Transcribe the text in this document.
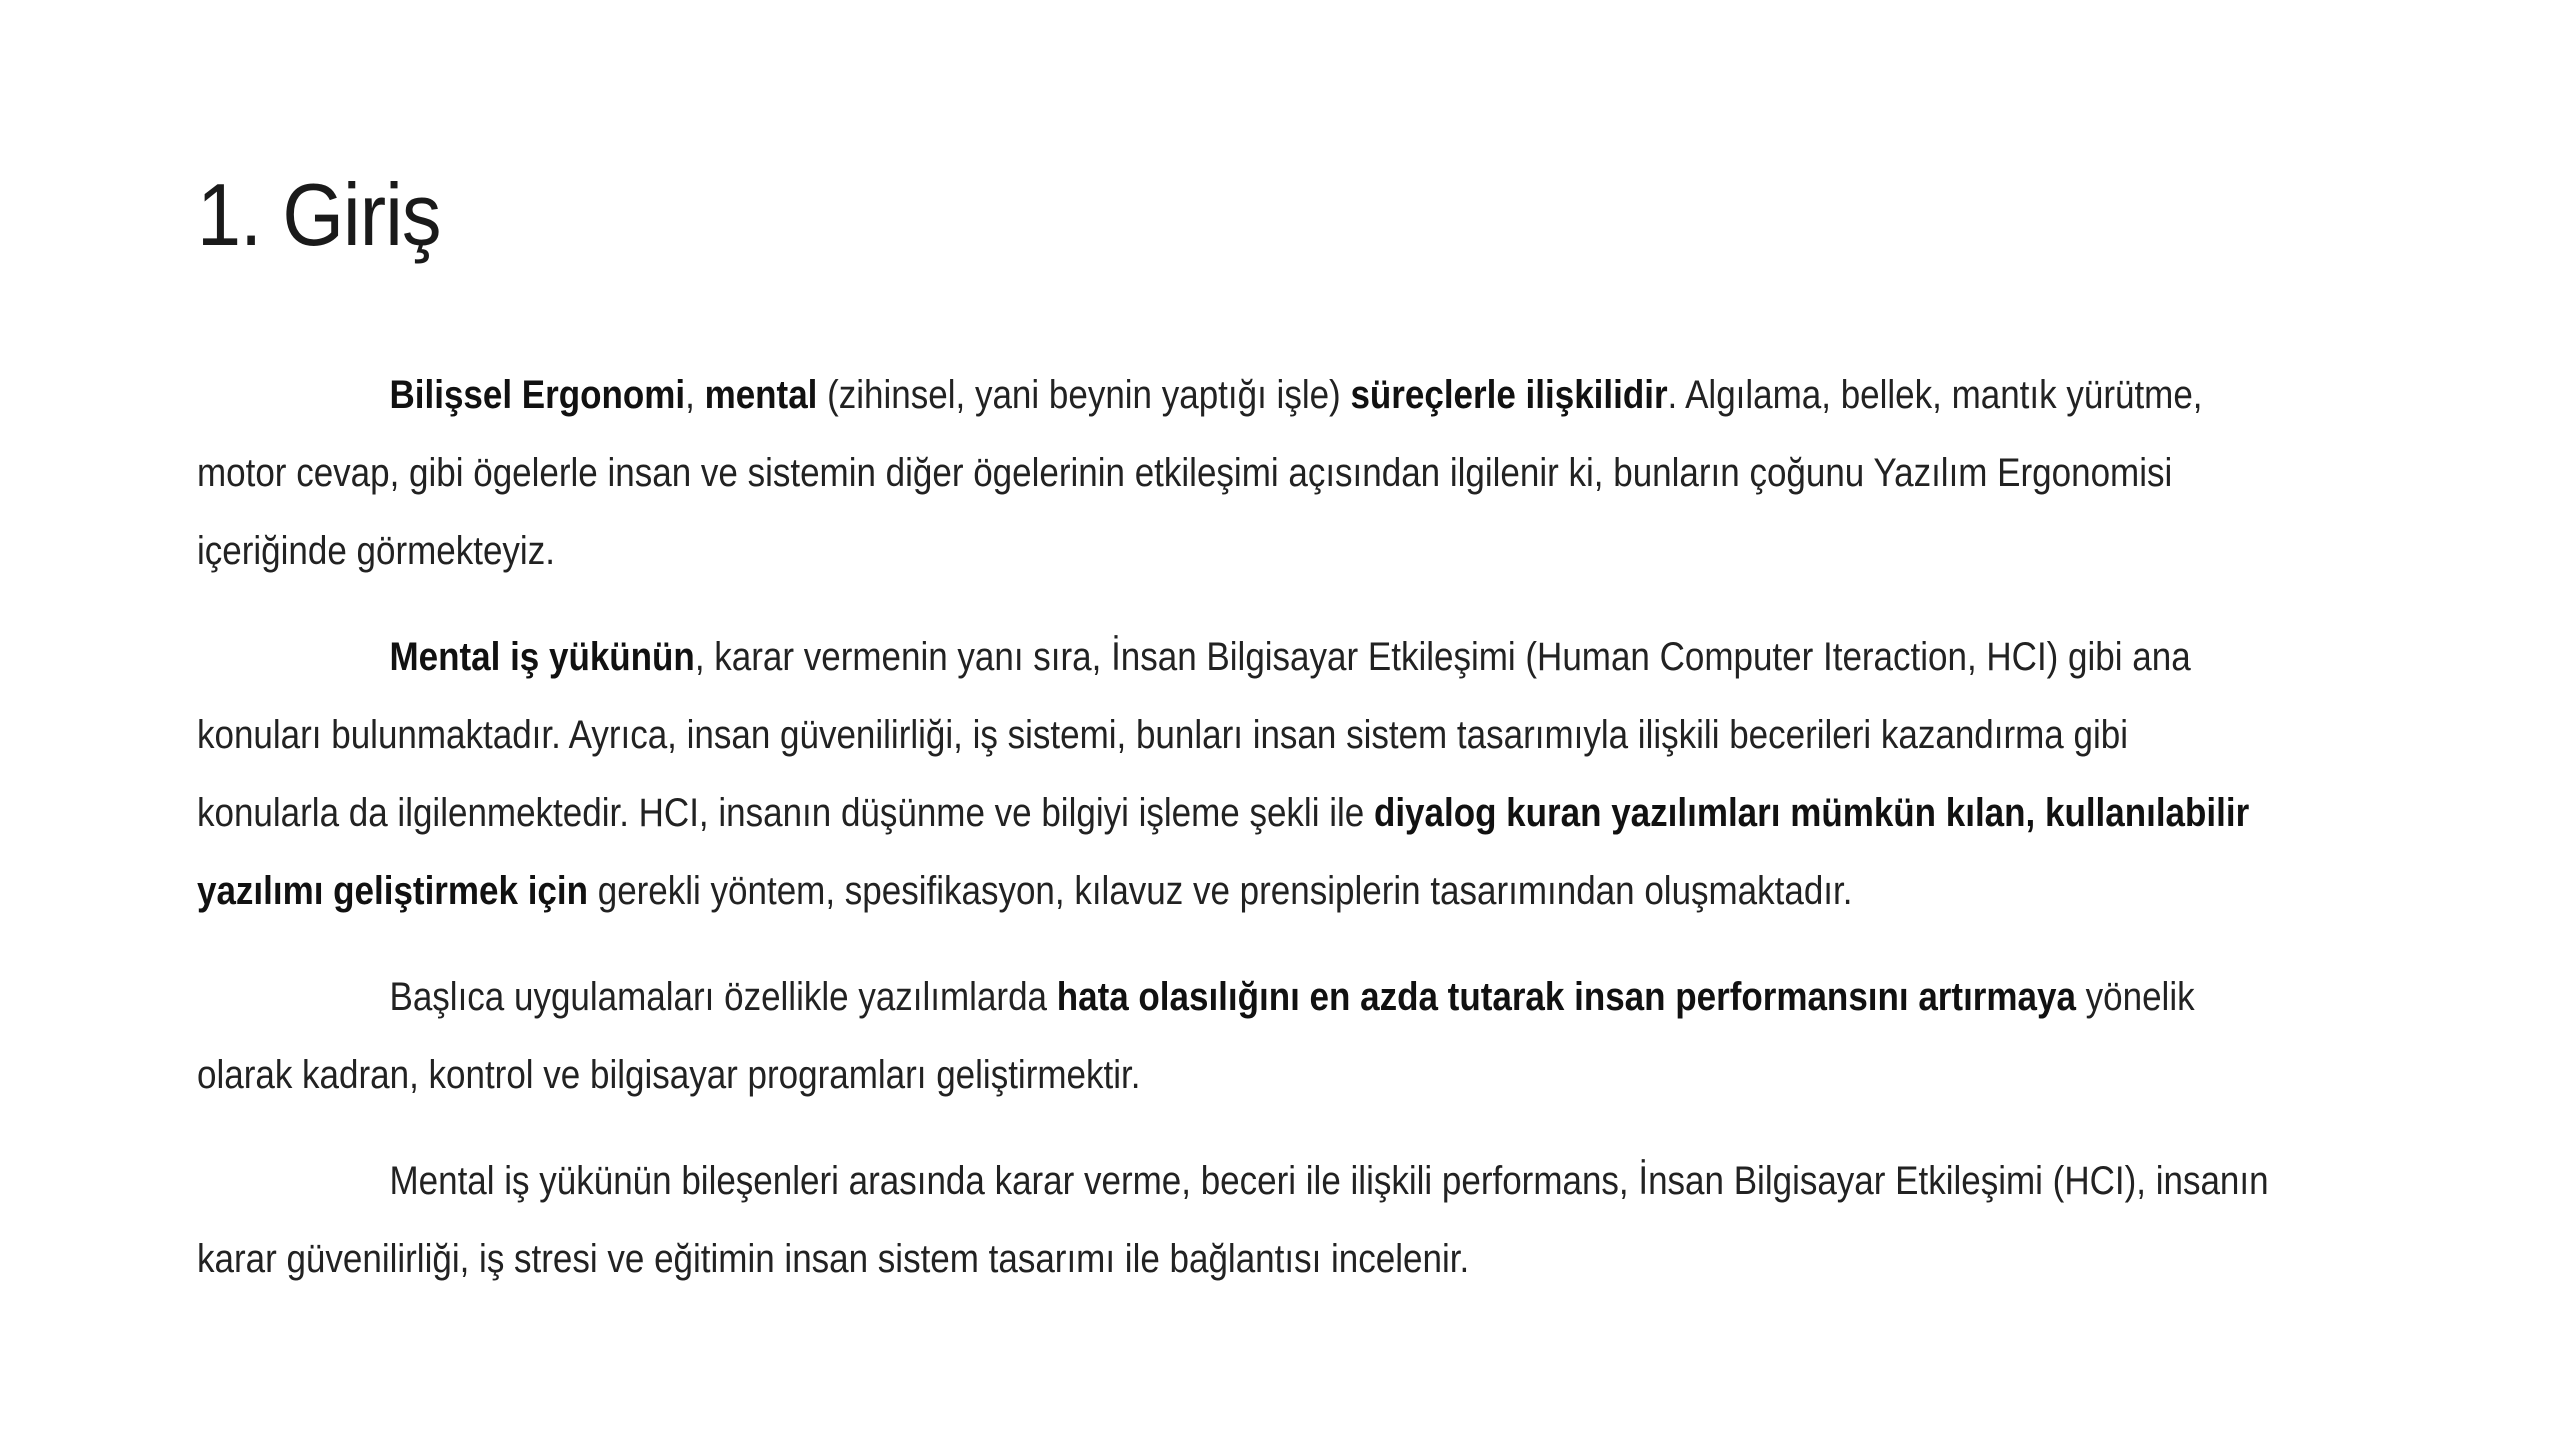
1. Giriş

Bilişsel Ergonomi, mental (zihinsel, yani beynin yaptığı işle) süreçlerle ilişkilidir. Algılama, bellek, mantık yürütme, motor cevap, gibi ögelerle insan ve sistemin diğer ögelerinin etkileşimi açısından ilgilenir ki, bunların çoğunu Yazılım Ergonomisi içeriğinde görmekteyiz.

Mental iş yükünün, karar vermenin yanı sıra, İnsan Bilgisayar Etkileşimi (Human Computer Iteraction, HCI) gibi ana konuları bulunmaktadır. Ayrıca, insan güvenilirliği, iş sistemi, bunları insan sistem tasarımıyla ilişkili becerileri kazandırma gibi konularla da ilgilenmektedir. HCI, insanın düşünme ve bilgiyi işleme şekli ile diyalog kuran yazılımları mümkün kılan, kullanılabilir yazılımı geliştirmek için gerekli yöntem, spesifikasyon, kılavuz ve prensiplerin tasarımından oluşmaktadır.

Başlıca uygulamaları özellikle yazılımlarda hata olasılığını en azda tutarak insan performansını artırmaya yönelik olarak kadran, kontrol ve bilgisayar programları geliştirmektir.

Mental iş yükünün bileşenleri arasında karar verme, beceri ile ilişkili performans, İnsan Bilgisayar Etkileşimi (HCI), insanın karar güvenilirliği, iş stresi ve eğitimin insan sistem tasarımı ile bağlantısı incelenir.
